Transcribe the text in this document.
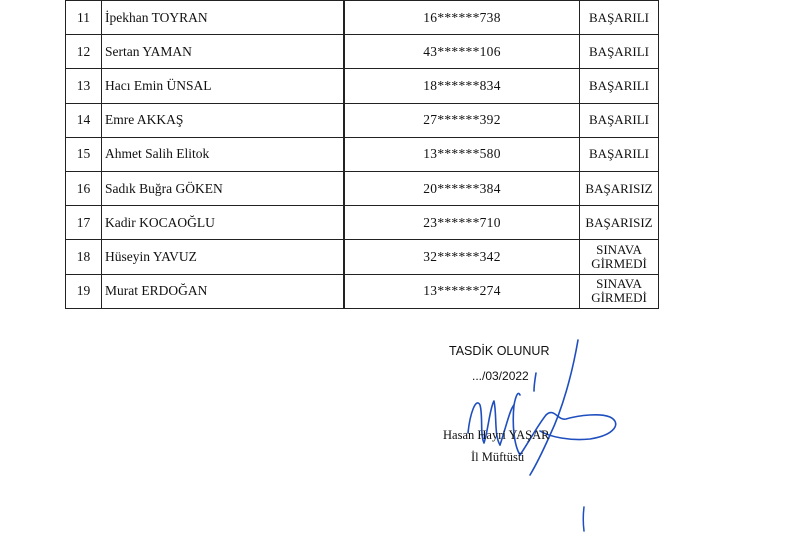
11	İpekhan TOYRAN		16******738	BAŞARILI

12	Sertan YAMAN		43******106	BAŞARILI

13	Hacı Emin ÜNSAL		18******834	BAŞARILI

14	Emre AKKAŞ		27******392	BAŞARILI

15	Ahmet Salih Elitok		13******580	BAŞARILI

16	Sadık Buğra GÖKEN		20******384	BAŞARISIZ

17	Kadir KOCAOĞLU		23******710	BAŞARISIZ

18	Hüseyin YAVUZ		32******342	SINAVA
GİRMEDİ

19	Murat ERDOĞAN		13******274	SINAVA
GİRMEDİ
TASDİK OLUNUR
.../03/2022
Hasan Hayri YAŞAR
İl Müftüsü
